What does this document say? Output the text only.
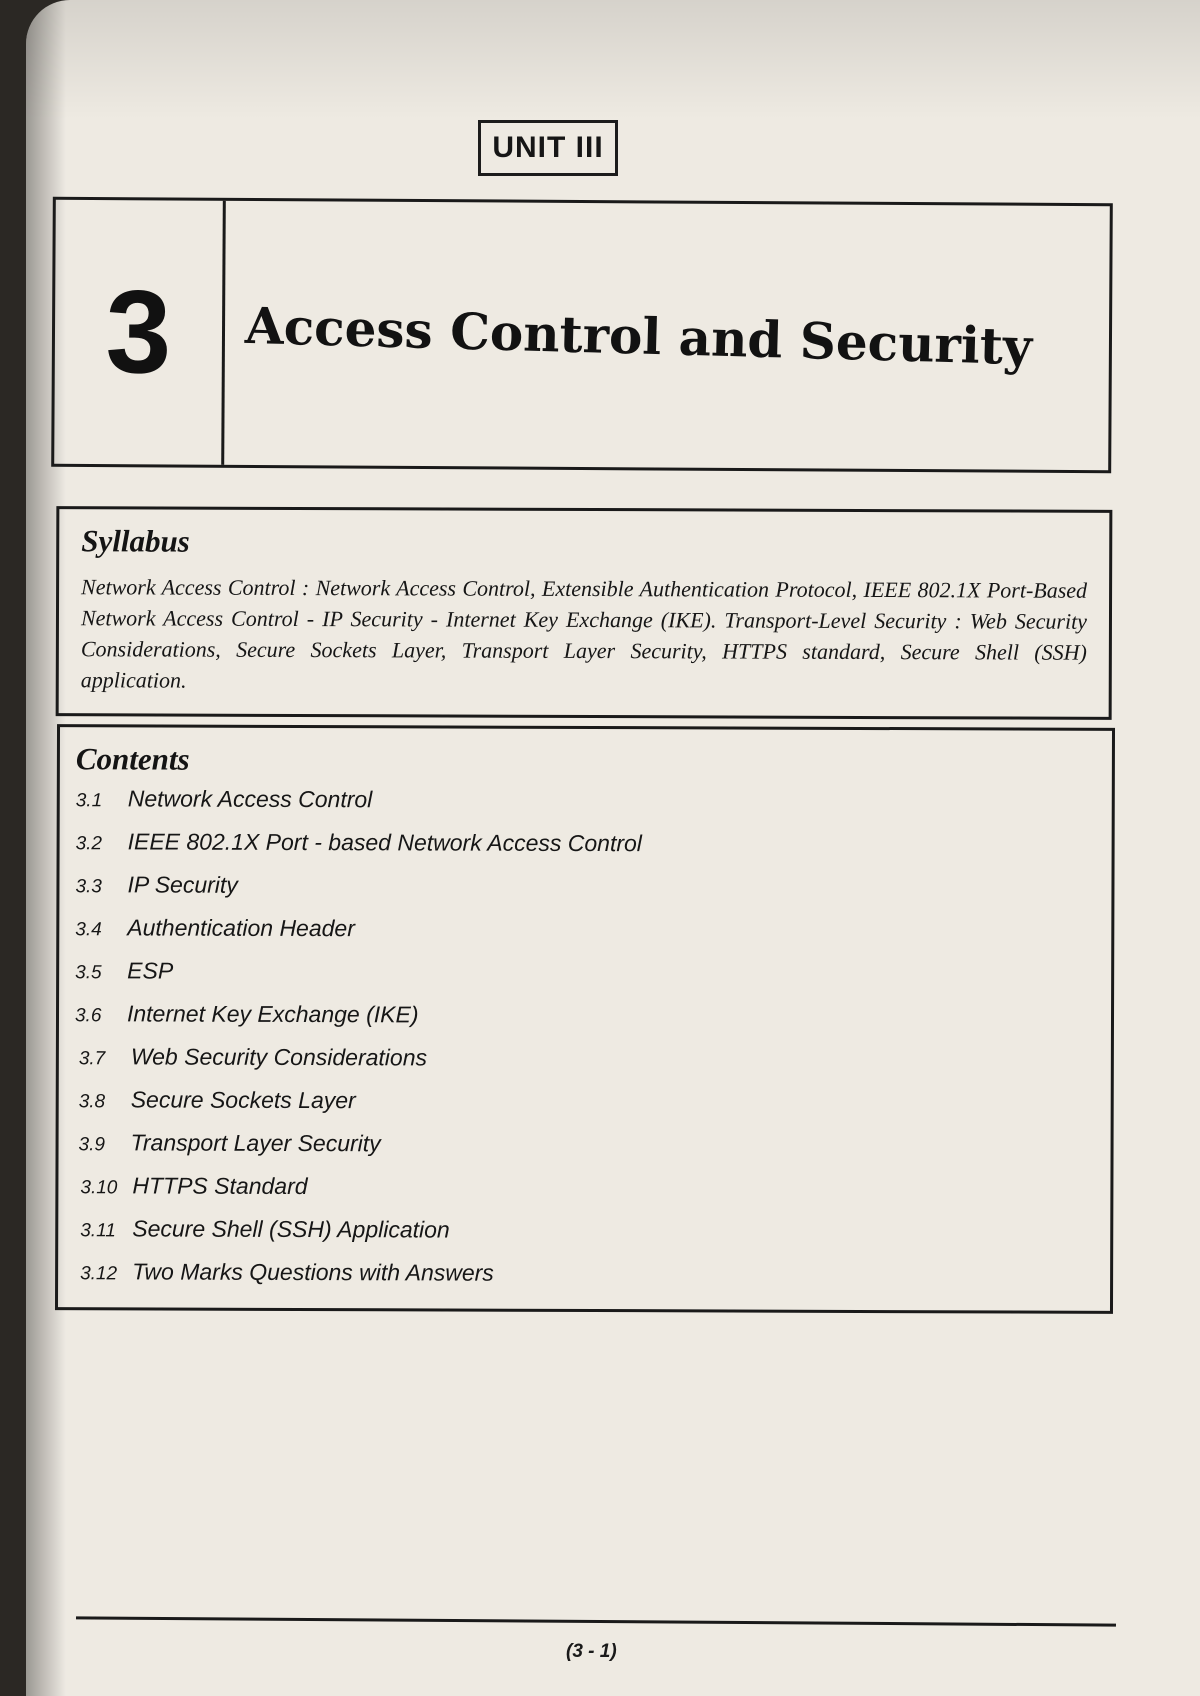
UNIT III
3	Access Control and Security
Syllabus

Network Access Control : Network Access Control, Extensible Authentication Protocol, IEEE 802.1X Port-Based Network Access Control - IP Security - Internet Key Exchange (IKE). Transport-Level Security : Web Security Considerations, Secure Sockets Layer, Transport Layer Security, HTTPS standard, Secure Shell (SSH) application.

Contents
3.1	Network Access Control
3.2	IEEE 802.1X Port - based Network Access Control
3.3	IP Security
3.4	Authentication Header
3.5	ESP
3.6	Internet Key Exchange (IKE)
3.7	Web Security Considerations
3.8	Secure Sockets Layer
3.9	Transport Layer Security
3.10 HTTPS Standard
3.11 Secure Shell (SSH) Application
3.12 Two Marks Questions with Answers
(3 - 1)
